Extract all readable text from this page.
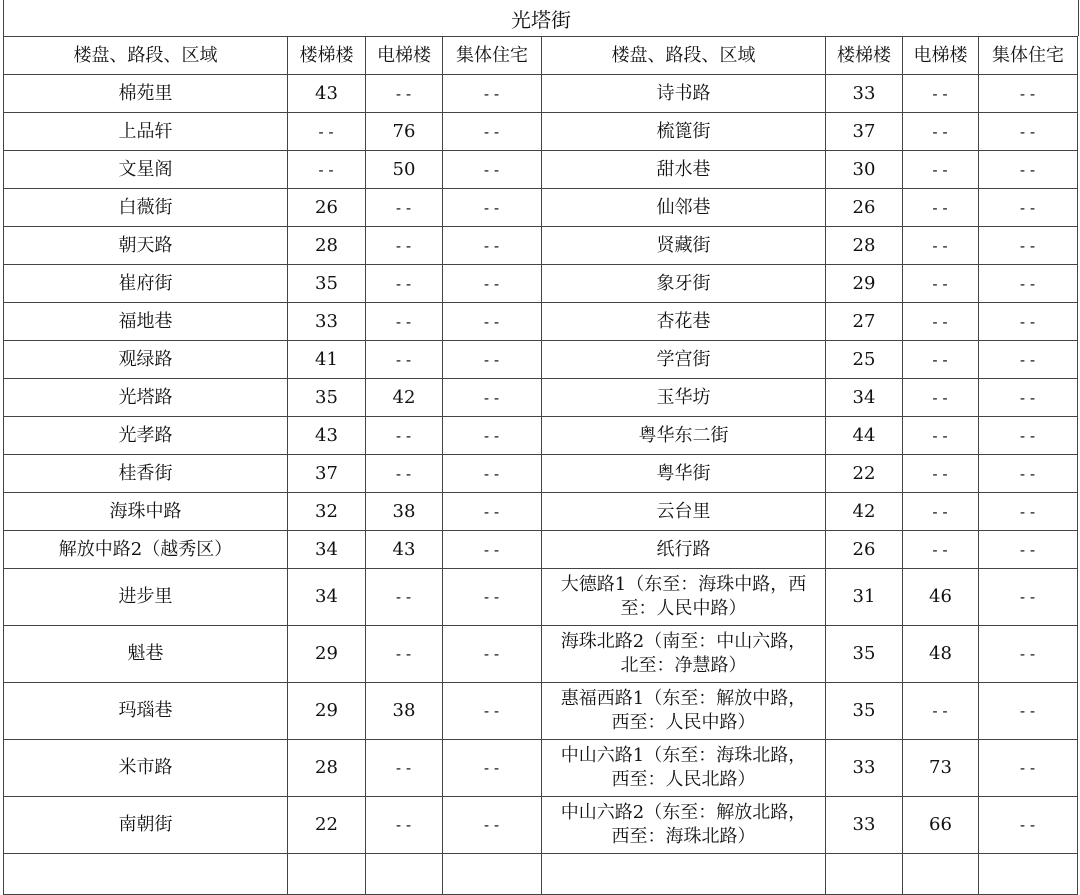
光塔街
楼盘、路段、区域	楼梯楼	电梯楼	集体住宅	楼盘、路段、区域	楼梯楼	电梯楼	集体住宅
棉苑里	43	--	--	诗书路	33	--	--
上品轩	--	76	--	梳篦街	37	--	--
文星阁	--	50	--	甜水巷	30	--	--
白薇街	26	--	--	仙邻巷	26	--	--
朝天路	28	--	--	贤藏街	28	--	--
崔府街	35	--	--	象牙街	29	--	--
福地巷	33	--	--	杏花巷	27	--	--
观绿路	41	--	--	学宫街	25	--	--
光塔路	35	42	--	玉华坊	34	--	--
光孝路	43	--	--	粤华东二街	44	--	--
桂香街	37	--	--	粤华街	22	--	--
海珠中路	32	38	--	云台里	42	--	--
解放中路2（越秀区）	34	43	--	纸行路	26	--	--
进步里	34	--	--	大德路1（东至：海珠中路，西至：人民中路）	31	46	--
魁巷	29	--	--	海珠北路2（南至：中山六路，北至：净慧路）	35	48	--
玛瑙巷	29	38	--	惠福西路1（东至：解放中路，西至：人民中路）	35	--	--
米市路	28	--	--	中山六路1（东至：海珠北路，西至：人民北路）	33	73	--
南朝街	22	--	--	中山六路2（东至：解放北路，西至：海珠北路）	33	66	--
